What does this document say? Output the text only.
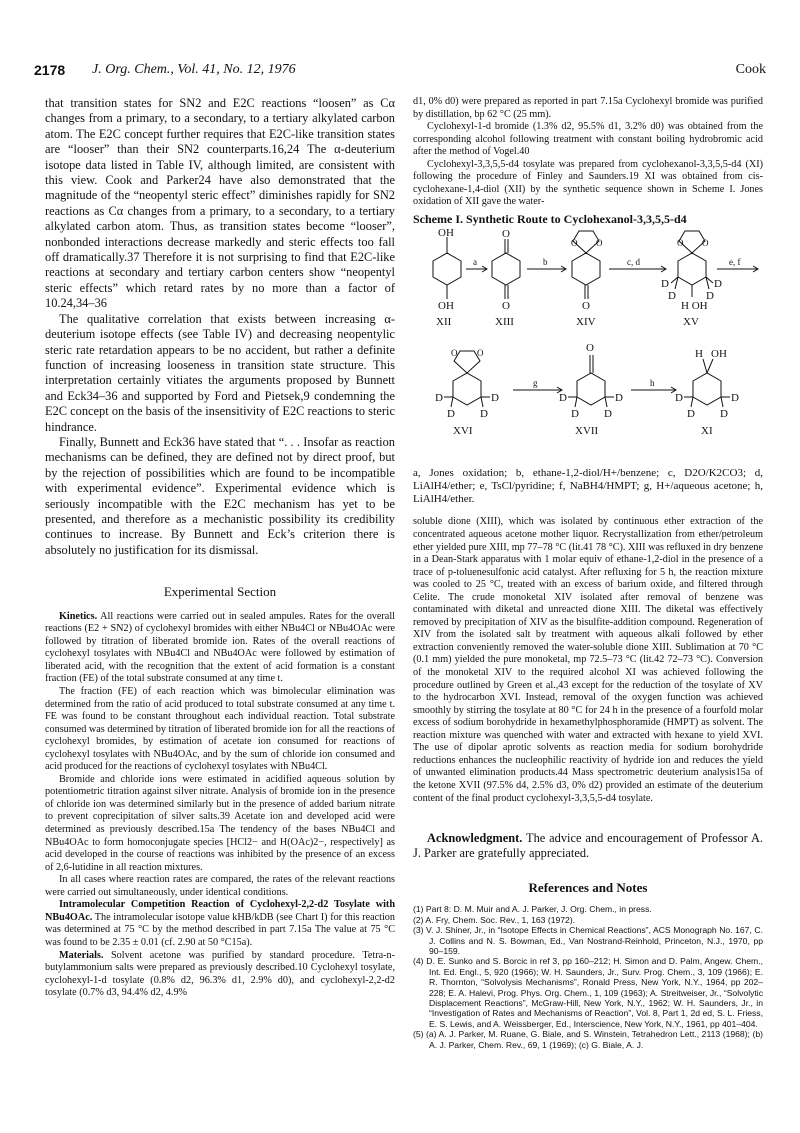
2178 J. Org. Chem., Vol. 41, No. 12, 1976	Cook

that transition states for SN2 and E2C reactions “loosen” as Cα changes from a primary, to a secondary, to a tertiary alkylated carbon atom. The E2C concept further requires that E2C-like transition states are “looser” than their SN2 counterparts.16,24 The α-deuterium isotope data listed in Table IV, although limited, are consistent with this view. Cook and Parker24 have also demonstrated that the magnitude of the “neopentyl steric effect” diminishes rapidly for SN2 reactions as Cα changes from a primary, to a secondary, to a tertiary alkylated carbon atom. Thus, as transition states become “looser”, nonbonded interactions decrease markedly and steric effects too fall off dramatically.37 Therefore it is not surprising to find that E2C-like reactions at secondary and tertiary carbon centers show “neopentyl steric effects” which retard rates by no more than a factor of 10.24,34–36

The qualitative correlation that exists between increasing α-deuterium isotope effects (see Table IV) and decreasing neopentylic steric rate retardation appears to be no accident, but rather a definite function of increasing looseness in transition state structure. This interpretation certainly vitiates the arguments proposed by Bunnett and Eck34–36 and supported by Ford and Pietsek,9 condemning the E2C concept on the basis of the insensitivity of E2C reactions to steric hindrance.

Finally, Bunnett and Eck36 have stated that “. . . Insofar as reaction mechanisms can be defined, they are defined not by direct proof, but by the rejection of possibilities which are found to be incompatible with experimental evidence”. Experimental evidence which is seriously incompatible with the E2C mechanism has yet to be presented, and therefore as a mechanistic possibility its credibility continues to increase. By Bunnett and Eck’s criterion there is absolutely no justification for its dismissal.

Experimental Section

Kinetics. All reactions were carried out in sealed ampules. Rates for the overall reactions (E2 + SN2) of cyclohexyl bromides with either NBu4Cl or NBu4OAc were followed by titration of liberated bromide ion. Rates of the overall reactions of cyclohexyl tosylates with NBu4Cl and NBu4OAc were followed by estimation of liberated acid, with the recognition that the extent of acid formation is a constant fraction (FE) of the total substrate consumed at any time t.

The fraction (FE) of each reaction which was bimolecular elimination was determined from the ratio of acid produced to total substrate consumed at any time t. FE was found to be constant throughout each individual reaction. Total substrate consumed was determined by titration of liberated bromide ion for all the reactions of cyclohexyl bromides, by estimation of acetate ion consumed for reactions of cyclohexyl tosylates with NBu4OAc, and by the sum of chloride ion consumed and acid produced for the reactions of cyclohexyl tosylates with NBu4Cl.

Bromide and chloride ions were estimated in acidified aqueous solution by potentiometric titration against silver nitrate. Analysis of bromide ion in the presence of chloride ion was determined similarly but in the presence of added barium nitrate to prevent coprecipitation of silver salts.39 Acetate ion and developed acid were determined as previously described.15a The tendency of the bases NBu4Cl and NBu4OAc to form homoconjugate species [HCl2− and H(OAc)2−, respectively] as acid developed in the course of reactions was inhibited by the presence of an excess of 2,6-lutidine in all reaction mixtures.

In all cases where reaction rates are compared, the rates of the relevant reactions were carried out simultaneously, under identical conditions.

Intramolecular Competition Reaction of Cyclohexyl-2,2-d2 Tosylate with NBu4OAc. The intramolecular isotope value kHB/kDB (see Chart I) for this reaction was determined at 75 °C by the method described in part 7.15a The value at 75 °C was found to be 2.35 ± 0.01 (cf. 2.90 at 50 °C15a).

Materials. Solvent acetone was purified by standard procedure. Tetra-n-butylammonium salts were prepared as previously described.10 Cyclohexyl tosylate, cyclohexyl-1-d tosylate (0.8% d2, 96.3% d1, 2.9% d0), and cyclohexyl-2,2-d2 tosylate (0.7% d3, 94.4% d2, 4.9%

d1, 0% d0) were prepared as reported in part 7.15a Cyclohexyl bromide was purified by distillation, bp 62 °C (25 mm).

Cyclohexyl-1-d bromide (1.3% d2, 95.5% d1, 3.2% d0) was obtained from the corresponding alcohol following treatment with constant boiling hydrobromic acid after the method of Vogel.40

Cyclohexyl-3,3,5,5-d4 tosylate was prepared from cyclohexanol-3,3,5,5-d4 (XI) following the procedure of Finley and Saunders.19 XI was obtained from cis-cyclohexane-1,4-diol (XII) by the synthetic sequence shown in Scheme I. Jones oxidation of XII gave the water-

Scheme I. Synthetic Route to Cyclohexanol-3,3,5,5-d4
OH
OH
O
O	O
O O	O O
a	b	c, d	e, f
D	D
D	D
H OH
XII	XIII	XIV	XV
O
O O	H OH
D	D
D D
D	D
D D
D	D
D D
g	h
XVI	XVII	XI
a, Jones oxidation; b, ethane-1,2-diol/H+/benzene; c, D2O/K2CO3; d, LiAlH4/ether; e, TsCl/pyridine; f, NaBH4/HMPT; g, H+/aqueous acetone; h, LiAlH4/ether.

soluble dione (XIII), which was isolated by continuous ether extraction of the concentrated aqueous acetone mother liquor. Recrystallization from ether/petroleum ether yielded pure XIII, mp 77–78 °C (lit.41 78 °C). XIII was refluxed in dry benzene in a Dean-Stark apparatus with 1 molar equiv of ethane-1,2-diol in the presence of a trace of p-toluenesulfonic acid catalyst. After refluxing for 5 h, the reaction mixture was cooled to 25 °C, treated with an excess of barium oxide, and filtered through Celite. The crude monoketal XIV isolated after removal of benzene was contaminated with diketal and unreacted dione XIII. The diketal was effectively removed by precipitation of XIV as the bisulfite-addition compound. Regeneration of XIV from the isolated salt by treatment with aqueous alkali followed by ether extraction conveniently removed the water-soluble dione XIII. Sublimation at 70 °C (0.1 mm) yielded the pure monoketal, mp 72.5–73 °C (lit.42 72–73 °C). Conversion of the monoketal XIV to the required alcohol XI was achieved following the procedure outlined by Green et al.,43 except for the reduction of the tosylate of XV to the hydrocarbon XVI. Instead, removal of the oxygen function was achieved smoothly by stirring the tosylate at 80 °C for 24 h in the presence of a fourfold molar excess of sodium borohydride in hexamethylphosphoramide (HMPT) as solvent. The reaction mixture was quenched with water and extracted with hexane to yield XVI. The use of dipolar aprotic solvents as reaction media for sodium borohydride reductions enhances the nucleophilic reactivity of hydride ion and reduces the yield of unwanted elimination products.44 Mass spectrometric deuterium analysis15a of the ketone XVII (97.5% d4, 2.5% d3, 0% d2) provided an estimate of the deuterium content of the final product cyclohexyl-3,3,5,5-d4 tosylate.

Acknowledgment. The advice and encouragement of Professor A. J. Parker are gratefully appreciated.
References and Notes
(1) Part 8: D. M. Muir and A. J. Parker, J. Org. Chem., in press.
(2) A. Fry, Chem. Soc. Rev., 1, 163 (1972).
(3) V. J. Shiner, Jr., in “Isotope Effects in Chemical Reactions”, ACS Monograph No. 167, C. J. Collins and N. S. Bowman, Ed., Van Nostrand-Reinhold, Princeton, N.J., 1970, pp 90–159.
(4) D. E. Sunko and S. Borcic in ref 3, pp 160–212; H. Simon and D. Palm, Angew. Chem., Int. Ed. Engl., 5, 920 (1966); W. H. Saunders, Jr., Surv. Prog. Chem., 3, 109 (1966); E. R. Thornton, “Solvolysis Mechanisms”, Ronald Press, New York, N.Y., 1964, pp 202–228; E. A. Halevi, Prog. Phys. Org. Chem., 1, 109 (1963); A. Streitweiser, Jr., “Solvolytic Displacement Reactions”, McGraw-Hill, New York, N.Y., 1962; W. H. Saunders, Jr., in “Investigation of Rates and Mechanisms of Reaction”, Vol. 8, Part 1, 2d ed, S. L. Friess, E. S. Lewis, and A. Weissberger, Ed., Interscience, New York, N.Y., 1961, pp 401–404.
(5) (a) A. J. Parker, M. Ruane, G. Biale, and S. Winstein, Tetrahedron Lett., 2113 (1968); (b) A. J. Parker, Chem. Rev., 69, 1 (1969); (c) G. Biale, A. J.
